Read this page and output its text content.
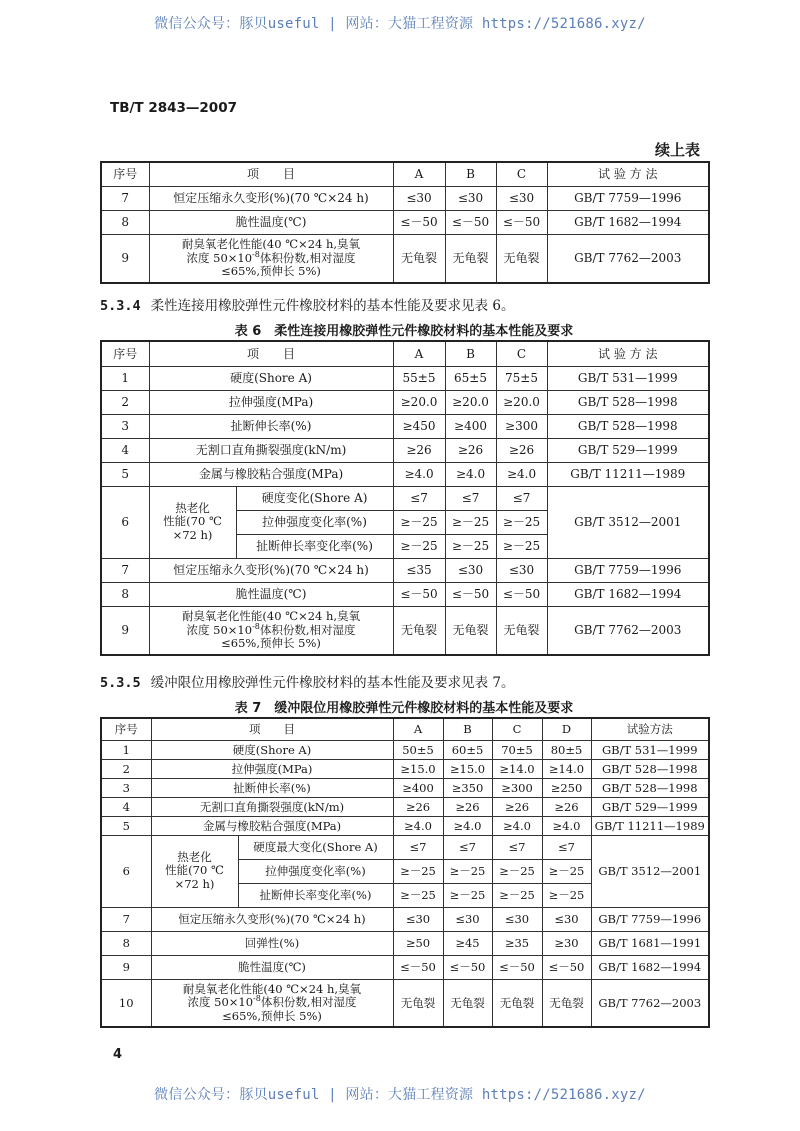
微信公众号：豚贝useful | 网站：大猫工程资源 https://521686.xyz/
TB/T 2843—2007
续上表
序号	项　　目	A	B	C	试 验 方 法
7	恒定压缩永久变形(%)(70 ℃×24 h)	≤30	≤30	≤30	GB/T 7759—1996
8	脆性温度(℃)	≤－50	≤－50	≤－50	GB/T 1682—1994
9	耐臭氧老化性能(40 ℃×24 h,臭氧
浓度 $50\times 10^{-8}$体积份数,相对湿度
≤65%,预伸长 5%)	无龟裂	无龟裂	无龟裂	GB/T 7762—2003
5.3.4 柔性连接用橡胶弹性元件橡胶材料的基本性能及要求见表 6。
表 6　柔性连接用橡胶弹性元件橡胶材料的基本性能及要求
序号	项　　目		A	B	C	试 验 方 法
1	硬度(Shore A)		55±5	65±5	75±5	GB/T 531—1999
2	拉伸强度(MPa)		≥20.0	≥20.0	≥20.0	GB/T 528—1998
3	扯断伸长率(%)		≥450	≥400	≥300	GB/T 528—1998
4	无割口直角撕裂强度(kN/m)		≥26	≥26	≥26	GB/T 529—1999
5	金属与橡胶粘合强度(MPa)		≥4.0	≥4.0	≥4.0	GB/T 11211—1989
6	热老化
性能(70 ℃
×72 h)	硬度变化(Shore A)	≤7	≤7	≤7	GB/T 3512—2001
		拉伸强度变化率(%)	≥－25	≥－25	≥－25	
		扯断伸长率变化率(%)	≥－25	≥－25	≥－25	
7	恒定压缩永久变形(%)(70 ℃×24 h)		≤35	≤30	≤30	GB/T 7759—1996
8	脆性温度(℃)		≤－50	≤－50	≤－50	GB/T 1682—1994
9	耐臭氧老化性能(40 ℃×24 h,臭氧
浓度 $50\times 10^{-8}$体积份数,相对湿度
≤65%,预伸长 5%)		无龟裂	无龟裂	无龟裂	GB/T 7762—2003
5.3.5 缓冲限位用橡胶弹性元件橡胶材料的基本性能及要求见表 7。
表 7　缓冲限位用橡胶弹性元件橡胶材料的基本性能及要求
序号	项　　目		A	B	C	D	试验方法
1	硬度(Shore A)		50±5	60±5	70±5	80±5	GB/T 531—1999
2	拉伸强度(MPa)		≥15.0	≥15.0	≥14.0	≥14.0	GB/T 528—1998
3	扯断伸长率(%)		≥400	≥350	≥300	≥250	GB/T 528—1998
4	无割口直角撕裂强度(kN/m)		≥26	≥26	≥26	≥26	GB/T 529—1999
5	金属与橡胶粘合强度(MPa)		≥4.0	≥4.0	≥4.0	≥4.0	GB/T 11211—1989
6	热老化
性能(70 ℃
×72 h)	硬度最大变化(Shore A)	≤7	≤7	≤7	≤7	GB/T 3512—2001
		拉伸强度变化率(%)	≥－25	≥－25	≥－25	≥－25	
		扯断伸长率变化率(%)	≥－25	≥－25	≥－25	≥－25	
7	恒定压缩永久变形(%)(70 ℃×24 h)		≤30	≤30	≤30	≤30	GB/T 7759—1996
8	回弹性(%)		≥50	≥45	≥35	≥30	GB/T 1681—1991
9	脆性温度(℃)		≤－50	≤－50	≤－50	≤－50	GB/T 1682—1994
10	耐臭氧老化性能(40 ℃×24 h,臭氧
浓度 $50\times 10^{-8}$体积份数,相对湿度
≤65%,预伸长 5%)		无龟裂	无龟裂	无龟裂	无龟裂	GB/T 7762—2003
4
微信公众号：豚贝useful | 网站：大猫工程资源 https://521686.xyz/
